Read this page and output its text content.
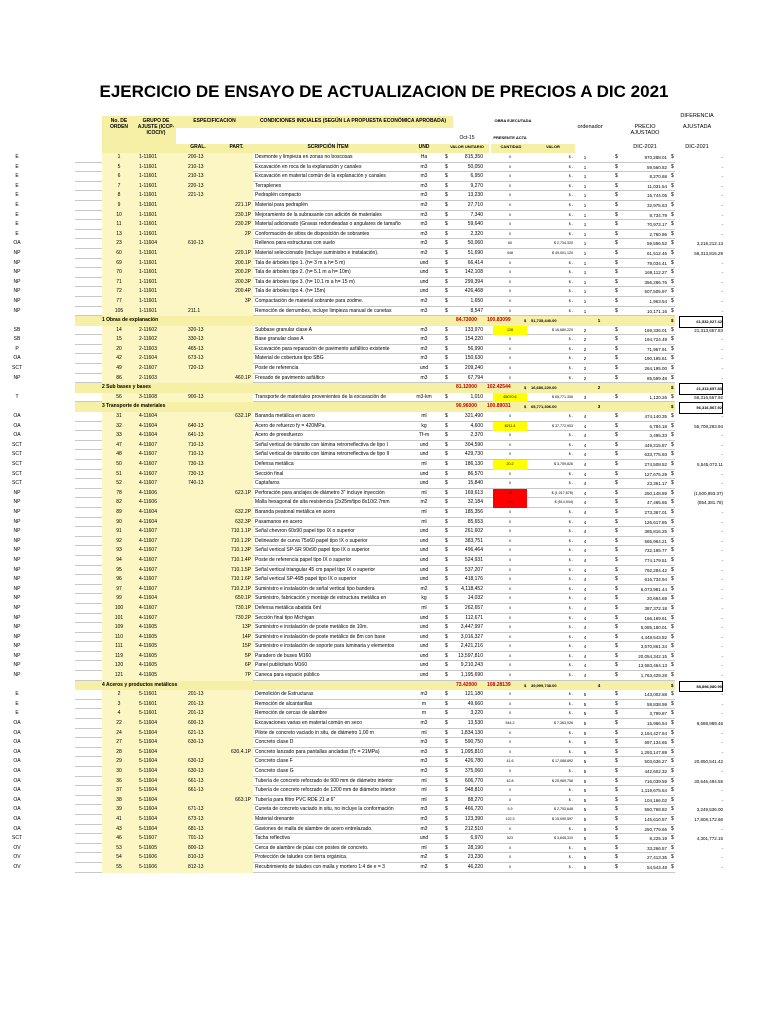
EJERCICIO DE ENSAYO DE ACTUALIZACION DE PRECIOS A DIC 2021
No. DE ORDEN
GRUPO DE AJUSTE (ICCP-ICOCIV)
ESPECIFICACION	CONDICIONES INICIALES (SEGÚN LA PROPUESTA ECONÓMICA APROBADA)
GRAL.	PART.	SCRIPCIÓN ÍTEM	UND
OBRA EJECUTADA
Oct-15	PRESENTE ACTA
VALOR UNITARIO	CANTIDAD	VALOR
ordenador	PRECIO AJUSTADO
DIFERENCIA
AJUSTADA
DIC-2021	DIC-2021
E	1	1-11601	200-13	Desmonte y limpieza en zonas no boscosas	Ha	$	815,350	0	$ -	1	$	970,288.01 $	-
E	5	1-11601	210-13	Excavación en roca de la explanación y canales	m3	$	50,050	0	$ -	1	$	59,560.82 $	-
E	6	1-11601	210-13	Excavación en material común de la explanación y canales	m3	$	6,950	0	$ -	1	$	8,270.68 $	-
E	7	1-11601	220-13	Terraplenes	m3	$	9,270	0	$ -	1	$	11,031.54 $	-
E	8	1-11601	221-13	Pedraplén compacto	m3	$	13,230	0	$ -	1	$	15,744.05 $	-
E	9	1-11601	221.1P Material para pedraplén	m3	$	27,710	0	$ -	1	$	32,975.63 $	-
E	10	1-11601	230.1P Mejoramiento de la subrasante con adición de materiales	m3	$	7,340	0	$ -	1	$	8,734.79 $	-
E	11	1-11601	230.2P Material adicionado (Gravas redondeadas o angulares de tamaño	m3	$	59,640	0	$ -	1	$	70,973.17 $	-
E	13	1-11601	2P Conformación de sitios de disposición de sobrantes	m3	$	2,320	0	$ -	1	$	2,760.86 $	-
OA	23	1-11604	610-13	Rellenos para estructuras con suelo	m3	$	50,060	60	$ 2,734,320	1	$	59,596.52 $	3,218,212.13
NP	60	1-11601	220.1P Material seleccionado (incluye suministro e instalación).	m3	$	51,690	948	$ 49,001,120	1	$	61,512.46 $	58,313,815.29
NP	69	1-11601	200.1P Tala de árboles tipo 1. (h= 3 m a h= 5 m)	und	$	66,414	0	$ -	1	$	79,034.41 $	-
NP	70	1-11601	200.2P Tala de árboles tipo 2. (h= 5.1 m a h= 10m)	und	$	142,108	0	$ -	1	$	169,112.27 $	-
NP	71	1-11601	200.3P Tala de árboles tipo 3. (h= 10.1 m a h= 15 m)	und	$	299,394	0	$ -	1	$	356,286.76 $	-
NP	72	1-11601	200.4P Tala de árboles tipo 4. (h= 15m)	und	$	426,468	0	$ -	1	$	507,505.97 $	-
NP	77	1-11601	3P Compactación de material sobrante para zodme.	m3	$	1,650	0	$ -	1	$	1,963.54 $	-
NP	105	1-11601	211.1	Remoción de derrumbes, incluye limpieza manual de cunetas	m3	$	8,547	0	$ -	1	$	10,171.16 $	-
1 Obras de explanación	84.73000 100.83099	$ 51,735,440.00	1	$	61,532,027.42
SB	14	2-11602	320-13	Subbase granular clase A	m3	$	133,970	128	$ 16,680,220	2	$	169,336.01 $	21,313,657.83
SB	15	2-11602	330-13	Base granular clase A	m3	$	154,220	0	$ -	2	$	194,724.49 $	-
P	20	2-11603	465-13	Excavación para reparación de pavimento asfáltico existente	m3	$	56,990	0	$ -	2	$	71,957.91 $	-
OA	42	2-11604	673-13	Material de cobertura tipo SBG	m3	$	150,630	0	$ -	2	$	190,195.61 $	-
SCT	49	2-11607	720-13	Poste de referencia	und	$	209,240	0	$ -	2	$	264,195.00 $	-
NP	86	2-11603	460.1P Fresado de pavimento asfáltico	m3	$	67,794	0	$ -	2	$	85,599.48 $	-
2 Sub bases y bases	81.12000 102.42544	$ 16,680,220.00	2	$	21,313,657.83
T	56	3-11608	900-13	Transporte de materiales provenientes de la excavación de	m3-km	$	1,010	65070.6	$ 65,771,306	3	$	1,120.26 $	56,316,567.92
3 Transporte de materiales	90.96000 100.89031	$ 65,771,306.00	3	$	56,316,567.92
OA	31	4-11604	632.1P Baranda metálica en acero	ml	$	321,490	0	$ -	4	$	474,140.35 $	-
OA	32	4-11604	640-13	Acero de refuerzo fy = 420MPa.	kg	$	4,600	8211.4	$ 37,772,903	4	$	6,784.18 $	55,708,283.94
OA	33	4-11604	641-13	Acero de preesfuerzo	Tf-m	$	2,370	0	$ -	4	$	3,495.33 $	-
SCT	47	4-11607	710-13	Señal vertical de tránsito con lámina retrorreflectiva de tipo I	und	$	304,590	0	$ -	4	$	449,215.87 $	-
SCT	48	4-11607	710-13	Señal vertical de tránsito con lámina retrorreflectiva de tipo II	und	$	429,730	0	$ -	4	$	633,775.93 $	-
SCT	50	4-11607	730-13	Defensa metálica	ml	$	186,130	20.2	$ 3,759,826	4	$	274,508.52 $	5,545,072.11
SCT	51	4-11607	730-13	Sección final	und	$	86,570	0	$ -	4	$	127,675.29 $	-
SCT	52	4-11607	740-13	Captafaros	und	$	15,840	0	$ -	4	$	23,361.17 $	-
NP	78	4-11606	623.1P Perforación para anclajes de diámetro 3" incluye inyección	ml	$	169,613	-6	$ (1,017,678)	4	$	250,148.89 $	(1,500,893.37)
NP	82	4-11606	Malla hexagonal de alta resistencia (2x25m/tipo 8x10/2.7mm	m2	$	32,184	-16	$ (514,944)	4	$	47,465.65 $	(854,381.78)
NP	89	4-11604	632.2P Baranda peatonal metálica en acero	ml	$	185,356	0	$ -	4	$	273,367.01 $	-
NP	90	4-11604	632.3P Pasamanos en acero	ml	$	85,653	0	$ -	4	$	126,617.85 $	-
NP	91	4-11607	710.1.1P Señal chevron 60x90 papel tipo IX o superior	und	$	261,602	0	$ -	4	$	385,816.25 $	-
NP	92	4-11607	710.1.2P Delineador de curva 75x60 papel tipo IX o superior	und	$	383,751	0	$ -	4	$	565,964.21 $	-
NP	93	4-11607	710.1.3P Señal vertical SP-SR 90x90 papel tipo IX o superior	und	$	496,464	0	$ -	4	$	732,195.77 $	-
NP	94	4-11607	710.1.4P Poste de referencia papel tipo IX o superior	und	$	524,931	0	$ -	4	$	774,179.51 $	-
NP	95	4-11607	710.1.5P Señal vertical triangular 45 cm papel tipo IX o superior	und	$	537,207	0	$ -	4	$	792,284.42 $	-
NP	96	4-11607	710.1.6P Señal vertical SP-46B papel tipo IX o superior	und	$	418,176	0	$ -	4	$	616,734.94 $	-
NP	97	4-11607	710.2.1P Suministro e instalación de señal vertical tipo bandera	m2	$	4,118,452	0	$ -	4	$	6,073,981.44 $	-
NP	99	4-11604	650.1P Suministro, fabricación y montaje de estructura metálica en	kg	$	14,032	0	$ -	4	$	20,694.69 $	-
NP	100	4-11607	730.1P Defensa metálica abatida 6ml	ml	$	262,657	0	$ -	4	$	387,372.18 $	-
NP	101	4-11607	730.2P Sección final tipo Michigan	und	$	112,671	0	$ -	4	$	166,169.61 $	-
NP	109	4-11605	13P Suministro e instalación de poste metálico de 10m.	und	$	3,447,997	0	$ -	4	$	5,085,180.01 $	-
NP	110	4-11605	14P Suministro e instalación de poste metálico de 8m con base	und	$	3,016,327	0	$ -	4	$	4,448,543.82 $	-
NP	111	4-11605	15P Suministro e instalación de soporte para luminaria y elementos	und	$	2,421,216	0	$ -	4	$	3,570,861.34 $	-
NP	119	4-11605	5P Paradero de buses M160	und	$	13,597,810	0	$ -	4	$	20,054,342.15 $	-
NP	120	4-11605	6P Panel publicitario M160	und	$	9,210,243	0	$ -	4	$	13,583,464.13 $	-
NP	121	4-11605	7P Caneca para espacio público	und	$	1,195,690	0	$ -	4	$	1,763,429.28 $	-
4 Aceros y productos metálicos	73.42000 108.28139	$ 39,999,738.00	4	$	58,898,080.90
E	2	5-11601	201-13	Demolición de Estructuras	m3	$	121,180	0	$ -	5	$	143,002.58 $	-
E	3	5-11601	201-13	Remoción de alcantarillas	m	$	49,660	0	$ -	5	$	58,838.99 $	-
E	4	5-11601	201-13	Remoción de cercas de alambre	m	$	3,220	0	$ -	5	$	3,799.87 $	-
OA	22	5-11604	600-13	Excavaciones varias en material común en seco	m3	$	13,530	544.2	$ 7,363,026	5	$	15,966.54 $	8,688,989.46
OA	24	5-11604	621-13	Pilote de concreto vaciado in situ, de diámetro 1,00 m	ml	$	1,834,130	0	$ -	5	$	2,164,427.54 $	-
OA	27	5-11604	630-13	Concreto clase D	m3	$	590,750	0	$ -	5	$	697,134.65 $	-
OA	28	5-11604	630.4.1P Concreto lanzado para pantallas ancladas (f'c = 21MPa)	m3	$	1,095,810	0	$ -	5	$	1,293,147.89 $	-
OA	29	5-11604	630-13	Concreto clase F	m3	$	426,780	41.6	$ 17,088,892	5	$	503,636.27 $	20,850,541.42
OA	30	5-11604	630-13	Concreto clase G	m3	$	375,060	0	$ -	5	$	442,602.32 $	-
OA	36	5-11604	661-13	Tubería de concreto reforzado de 900 mm de diámetro interior	ml	$	606,770	42.8	$ 25,969,756	5	$	716,039.59 $	30,646,494.55
OA	37	5-11604	661-13	Tubería de concreto reforzado de 1200 mm de diámetro interior	ml	$	948,810	0	$ -	5	$	1,119,675.54 $	-
OA	38	5-11604	663.1P Tubería para filtro PVC RDE 21 ø 6"	ml	$	88,270	0	$ -	5	$	104,166.02 $	-
OA	39	5-11604	671-13	Cuneta de concreto vaciado in situ, no incluye la conformación	m3	$	466,720	5.9	$ 2,753,648	5	$	550,768.82 $	3,249,536.00
OA	41	5-11604	673-13	Material drenante	m3	$	123,390	122.3	$ 15,090,597	5	$	145,610.57 $	17,808,172.66
OA	43	5-11604	681-13	Gaviones de malla de alambre de acero entrelazado.	m3	$	212,510	0	$ -	5	$	250,779.66 $	-
SCT	46	5-11607	701-13	Tacha reflectiva	und	$	6,970	523	$ 3,645,310	5	$	8,225.19 $	4,301,772.15
OV	53	5-11605	800-13	Cerca de alambre de púas con postes de concreto.	ml	$	28,190	0	$ -	5	$	33,266.57 $	-
OV	54	5-11606	810-13	Protección de taludes con tierra orgánica.	m2	$	23,230	0	$ -	5	$	27,413.35 $	-
OV	55	5-11606	812-13	Recubrimiento de taludes con malla y mortero 1:4 de e = 3	m2	$	46,220	0	$ -	5	$	54,543.48 $	-
